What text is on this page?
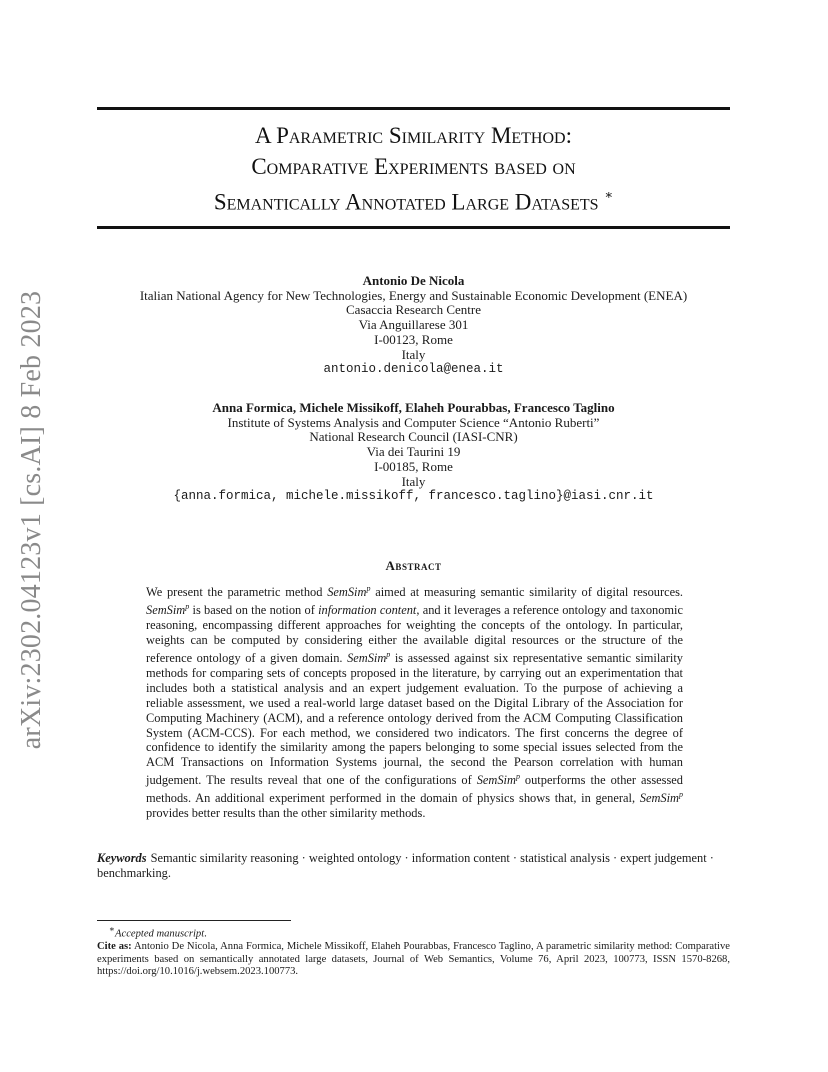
arXiv:2302.04123v1 [cs.AI] 8 Feb 2023
A Parametric Similarity Method:
Comparative Experiments based on
Semantically Annotated Large Datasets ∗
Antonio De Nicola
Italian National Agency for New Technologies, Energy and Sustainable Economic Development (ENEA)
Casaccia Research Centre
Via Anguillarese 301
I-00123, Rome
Italy
antonio.denicola@enea.it
Anna Formica, Michele Missikoff, Elaheh Pourabbas, Francesco Taglino
Institute of Systems Analysis and Computer Science “Antonio Ruberti”
National Research Council (IASI-CNR)
Via dei Taurini 19
I-00185, Rome
Italy
{anna.formica, michele.missikoff, francesco.taglino}@iasi.cnr.it
Abstract
We present the parametric method SemSim$^p$ aimed at measuring semantic similarity of digital resources. SemSim$^p$ is based on the notion of information content, and it leverages a reference ontology and taxonomic reasoning, encompassing different approaches for weighting the concepts of the ontology. In particular, weights can be computed by considering either the available digital resources or the structure of the reference ontology of a given domain. SemSim$^p$ is assessed against six representative semantic similarity methods for comparing sets of concepts proposed in the literature, by carrying out an experimentation that includes both a statistical analysis and an expert judgement evaluation. To the purpose of achieving a reliable assessment, we used a real-world large dataset based on the Digital Library of the Association for Computing Machinery (ACM), and a reference ontology derived from the ACM Computing Classification System (ACM-CCS). For each method, we considered two indicators. The first concerns the degree of confidence to identify the similarity among the papers belonging to some special issues selected from the ACM Transactions on Information Systems journal, the second the Pearson correlation with human judgement. The results reveal that one of the configurations of SemSim$^p$ outperforms the other assessed methods. An additional experiment performed in the domain of physics shows that, in general, SemSim$^p$ provides better results than the other similarity methods.
Keywords Semantic similarity reasoning · weighted ontology · information content · statistical analysis · expert judgement · benchmarking.
∗Accepted manuscript.
Cite as: Antonio De Nicola, Anna Formica, Michele Missikoff, Elaheh Pourabbas, Francesco Taglino, A parametric similarity method: Comparative experiments based on semantically annotated large datasets, Journal of Web Semantics, Volume 76, April 2023, 100773, ISSN 1570-8268, https://doi.org/10.1016/j.websem.2023.100773.
